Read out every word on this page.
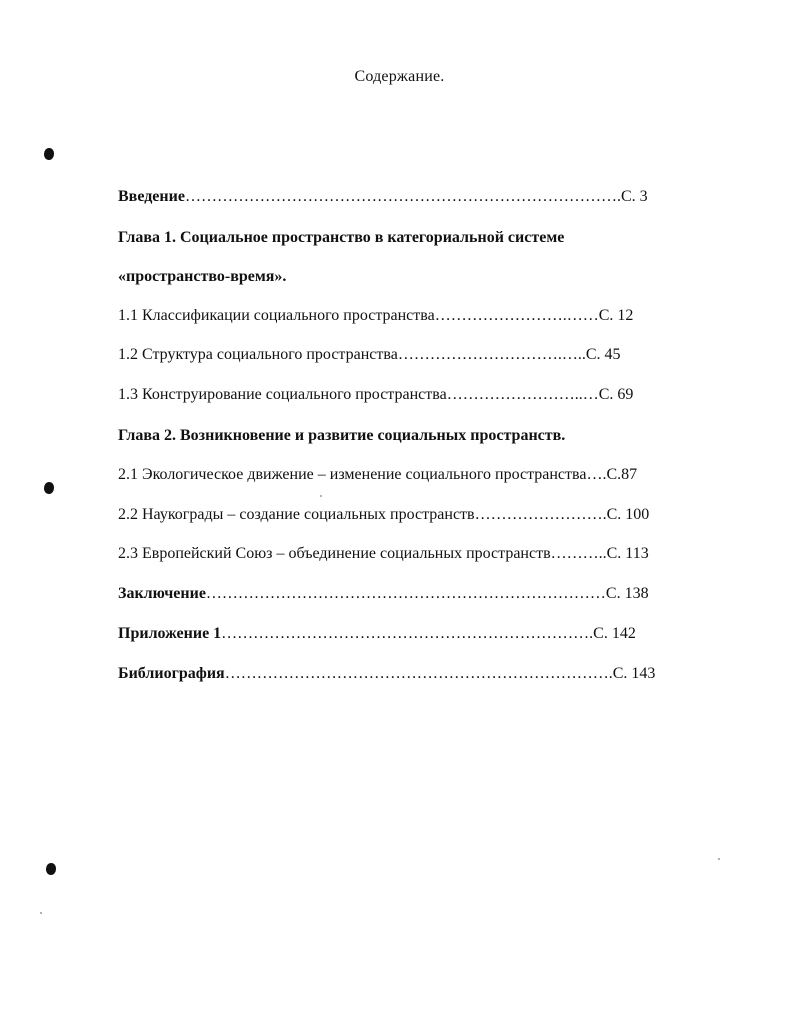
Содержание.
Введение……………………………………………………………………….С. 3
Глава 1. Социальное пространство в категориальной системе
«пространство-время».
1.1 Классификации социального пространства…………………….……С. 12
1.2 Структура социального пространства………………………….…..С. 45
1.3 Конструирование социального пространства……………………..…С. 69
Глава 2. Возникновение и развитие социальных пространств.
2.1 Экологическое движение – изменение социального пространства….С.87
2.2 Наукограды – создание социальных пространств…………………….С. 100
2.3 Европейский Союз – объединение социальных пространств………..С. 113
Заключение…………………………………………………………………С. 138
Приложение 1…………………………………………………………….С. 142
Библиография……………………………………………………………….С. 143
